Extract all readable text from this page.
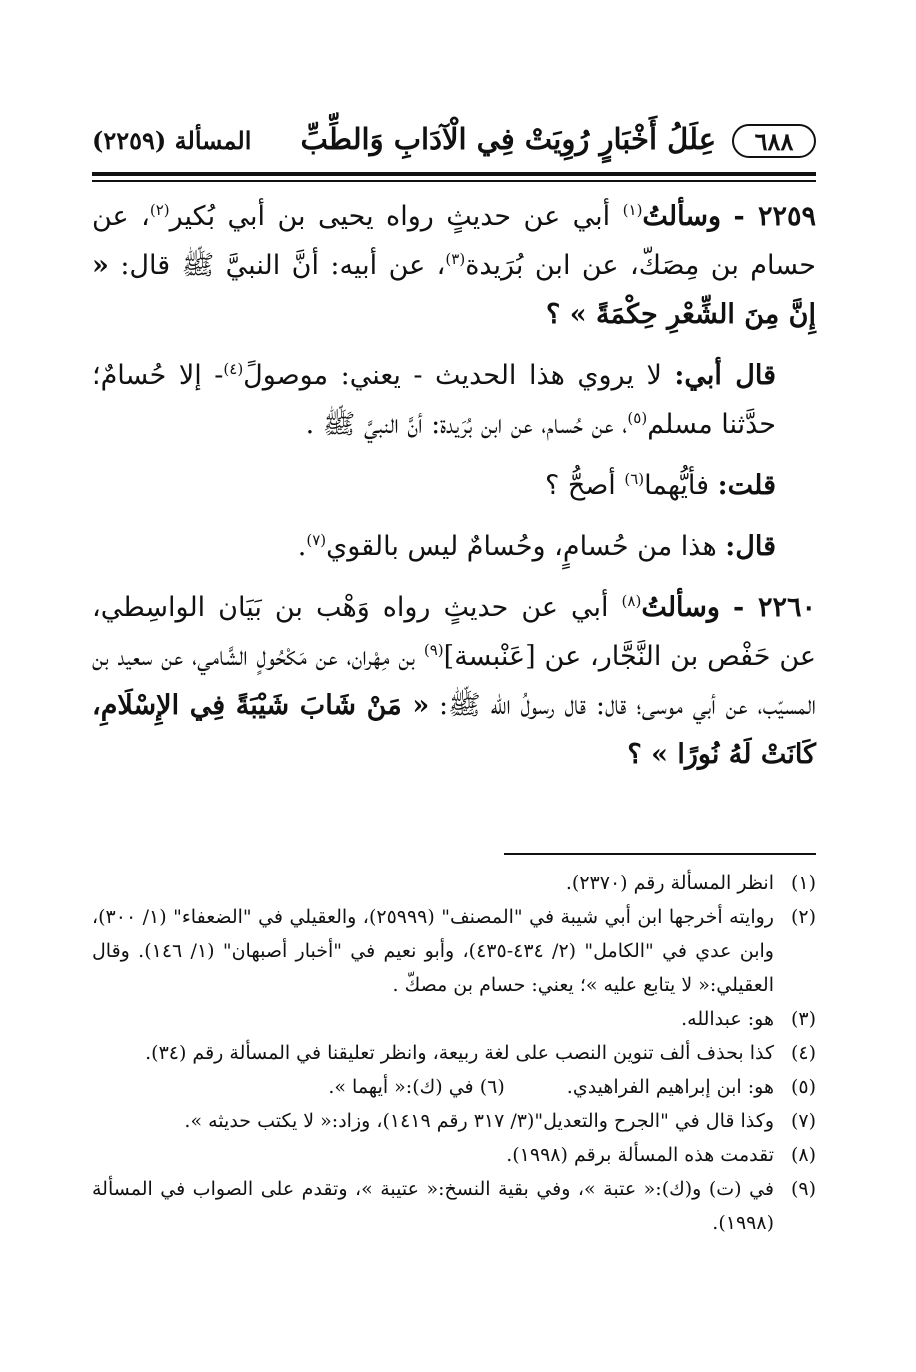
٦٨٨
عِلَلُ أَخْبَارٍ رُوِيَتْ فِي الْآدَابِ وَالطِّبِّ
المسألة (٢٢٥٩)

٢٢٥٩ - وسألتُ$^{(١)}$ أبي عن حديثٍ رواه يحيى بن أبي بُكير$^{(٢)}$، عن حسام بن مِصَكّ، عن ابن بُرَيدة$^{(٣)}$، عن أبيه: أنَّ النبيَّ ﷺ قال: « إِنَّ مِنَ الشِّعْرِ حِكْمَةً » ؟

قال أبي: لا يروي هذا الحديث - يعني: موصولً$^{(٤)}$- إلا حُسامٌ؛ حدَّثنا مسلم$^{(٥)}$، عن حُسام، عن ابن بُرَيدة: أنَّ النبيَّ ﷺ .

قلت: فأيُّهما$^{(٦)}$ أصحُّ ؟

قال: هذا من حُسامٍ، وحُسامٌ ليس بالقوي$^{(٧)}$.

٢٢٦٠ - وسألتُ$^{(٨)}$ أبي عن حديثٍ رواه وَهْب بن بَيَان الواسِطي، عن حَفْص بن النَّجَّار، عن [عَنْبسة]$^{(٩)}$ بن مِهْران، عن مَكْحُولٍ الشَّامي، عن سعيد بن المسيّب، عن أبي موسى؛ قال: قال رسولُ الله ﷺ: « مَنْ شَابَ شَيْبَةً فِي الإِسْلَامِ، كَانَتْ لَهُ نُورًا » ؟

(١)
انظر المسألة رقم (٢٣٧٠).
(٢)
روايته أخرجها ابن أبي شيبة في "المصنف" (٢٥٩٩٩)، والعقيلي في "الضعفاء" (١/ ٣٠٠)، وابن عدي في "الكامل" (٢/ ٤٣٤-٤٣٥)، وأبو نعيم في "أخبار أصبهان" (١/ ١٤٦). وقال العقيلي:« لا يتابع عليه »؛ يعني: حسام بن مصكّ .
(٣)
هو: عبدالله.
(٤)
كذا بحذف ألف تنوين النصب على لغة ربيعة، وانظر تعليقنا في المسألة رقم (٣٤).
(٥)
هو: ابن إبراهيم الفراهيدي. (٦) في (ك):« أيهما ».
(٧)
وكذا قال في "الجرح والتعديل"(٣/ ٣١٧ رقم ١٤١٩)، وزاد:« لا يكتب حديثه ».
(٨)
تقدمت هذه المسألة برقم (١٩٩٨).
(٩)
في (ت) و(ك):« عتبة »، وفي بقية النسخ:« عتيبة »، وتقدم على الصواب في المسألة (١٩٩٨).
